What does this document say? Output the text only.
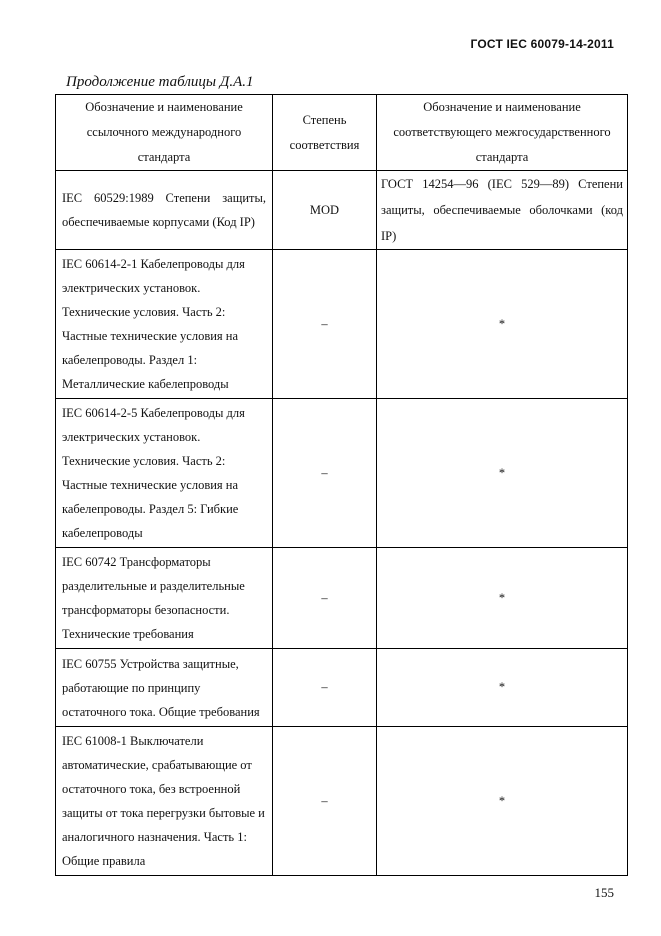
ГОСТ IEC 60079-14-2011
Продолжение таблицы Д.А.1
Обозначение и наименование ссылочного международного стандарта	Степень соответствия	Обозначение и наименование соответствующего межгосударственного стандарта
IEC 60529:1989 Степени защиты, обеспечиваемые корпусами (Код IP)	MOD	ГОСТ 14254—96 (IEC 529—89) Степени защиты, обеспечиваемые оболочками (код IP)
IEC 60614-2-1 Кабелепроводы для электрических установок. Технические условия. Часть 2: Частные технические условия на кабелепроводы. Раздел 1: Металлические кабелепроводы	–	*
IEC 60614-2-5 Кабелепроводы для электрических установок. Технические условия. Часть 2: Частные технические условия на кабелепроводы. Раздел 5: Гибкие кабелепроводы	–	*
IEC 60742 Трансформаторы разделительные и разделительные трансформаторы безопасности. Технические требования	–	*
IEC 60755 Устройства защитные, работающие по принципу остаточного тока. Общие требования	–	*
IEC 61008-1 Выключатели автоматические, срабатывающие от остаточного тока, без встроенной защиты от тока перегрузки бытовые и аналогичного назначения. Часть 1: Общие правила	–	*
155
